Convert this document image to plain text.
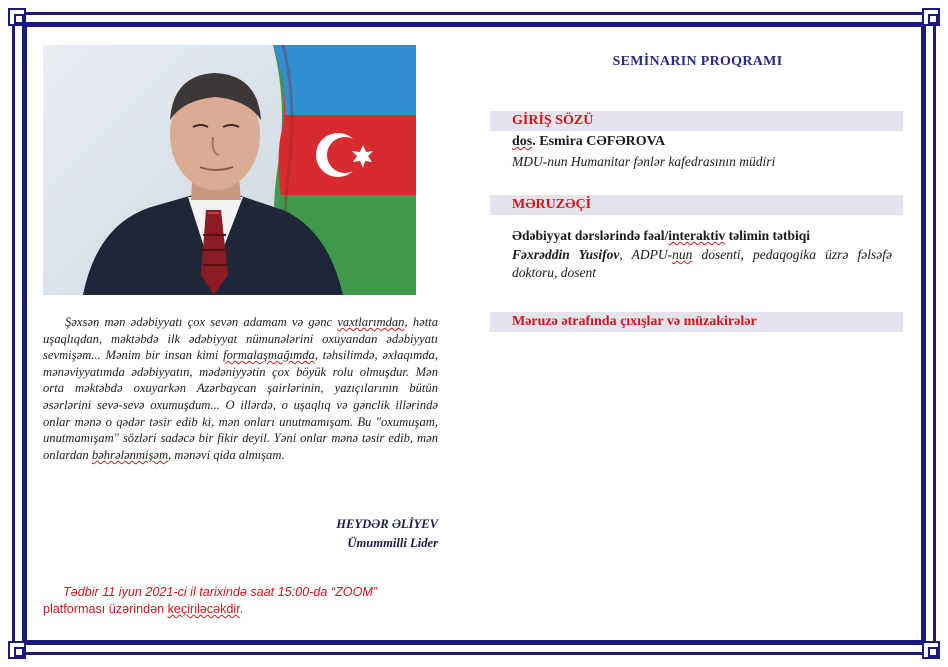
Şəxsən mən ədəbiyyatı çox sevən adamam və gənc vaxtlarımdan, hətta uşaqlıqdan, məktəbdə ilk ədəbiyyat nümunələrini oxuyandan ədəbiyyatı sevmişəm... Mənim bir insan kimi formalaşmağımda, təhsilimdə, əxlaqımda, mənəviyyatımda ədəbiyyatın, mədəniyyətin çox böyük rolu olmuşdur. Mən orta məktəbdə oxuyarkən Azərbaycan şairlərinin, yazıçılarının bütün əsərlərini sevə-sevə oxumuşdum... O illərdə, o uşaqlıq və gənclik illərində onlar mənə o qədər təsir edib ki, mən onları unutmamışam. Bu "oxumuşam, unutmamışam" sözləri sadəcə bir fikir deyil. Yəni onlar mənə təsir edib, mən onlardan bəhrələnmişəm, mənəvi qida almışam.
HEYDƏR ƏLİYEV
Ümummilli Lider
Tədbir 11 iyun 2021-ci il tarixində saat 15:00-da “ZOOM”
platforması üzərindən keçiriləcəkdir.
SEMİNARIN PROQRAMI
GİRİŞ SÖZÜ
dos. Esmira CƏFƏROVA
MDU-nun Humanitar fənlər kafedrasının müdiri
MƏRUZƏÇİ
Ədəbiyyat dərslərində fəal/interaktiv təlimin tətbiqi
Fəxrəddin Yusifov, ADPU-nun dosenti, pedaqogika üzrə fəlsəfə doktoru, dosent
Məruzə ətrafında çıxışlar və müzakirələr
